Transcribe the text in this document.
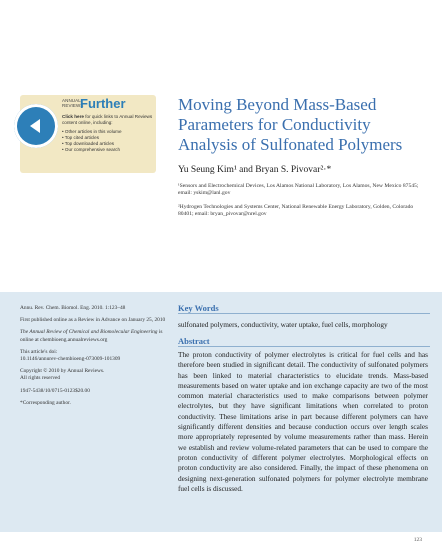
ANNUAL
REVIEWS
Further
Click here for quick links to Annual Reviews content online, including:
• Other articles in this volume
• Top cited articles
• Top downloaded articles
• Our comprehensive search
Moving Beyond Mass-Based Parameters for Conductivity Analysis of Sulfonated Polymers
Yu Seung Kim¹ and Bryan S. Pivovar²·*
¹Sensors and Electrochemical Devices, Los Alamos National Laboratory, Los Alamos, New Mexico 87545; email: yskim@lanl.gov
²Hydrogen Technologies and Systems Center, National Renewable Energy Laboratory, Golden, Colorado 80401; email: bryan_pivovar@nrel.gov

Annu. Rev. Chem. Biomol. Eng. 2010. 1:123–48

First published online as a Review in Advance on January 25, 2010

The Annual Review of Chemical and Biomolecular Engineering is online at chembioeng.annualreviews.org

This article's doi:
10.1146/annurev-chembioeng-073009-101309

Copyright © 2010 by Annual Reviews.
All rights reserved

1947-5438/10/0715-0123$20.00

*Corresponding author.

Key Words
sulfonated polymers, conductivity, water uptake, fuel cells, morphology
Abstract

The proton conductivity of polymer electrolytes is critical for fuel cells and has therefore been studied in significant detail. The conductivity of sulfonated polymers has been linked to material characteristics to elucidate trends. Mass-based measurements based on water uptake and ion exchange capacity are two of the most common material characteristics used to make comparisons between polymer electrolytes, but they have significant limitations when correlated to proton conductivity. These limitations arise in part because different polymers can have significantly different densities and because conduction occurs over length scales more appropriately represented by volume measurements rather than mass. Herein we establish and review volume-related parameters that can be used to compare the proton conductivity of different polymer electrolytes. Morphological effects on proton conductivity are also considered. Finally, the impact of these phenomena on designing next-generation sulfonated polymers for polymer electrolyte membrane fuel cells is discussed.

123
